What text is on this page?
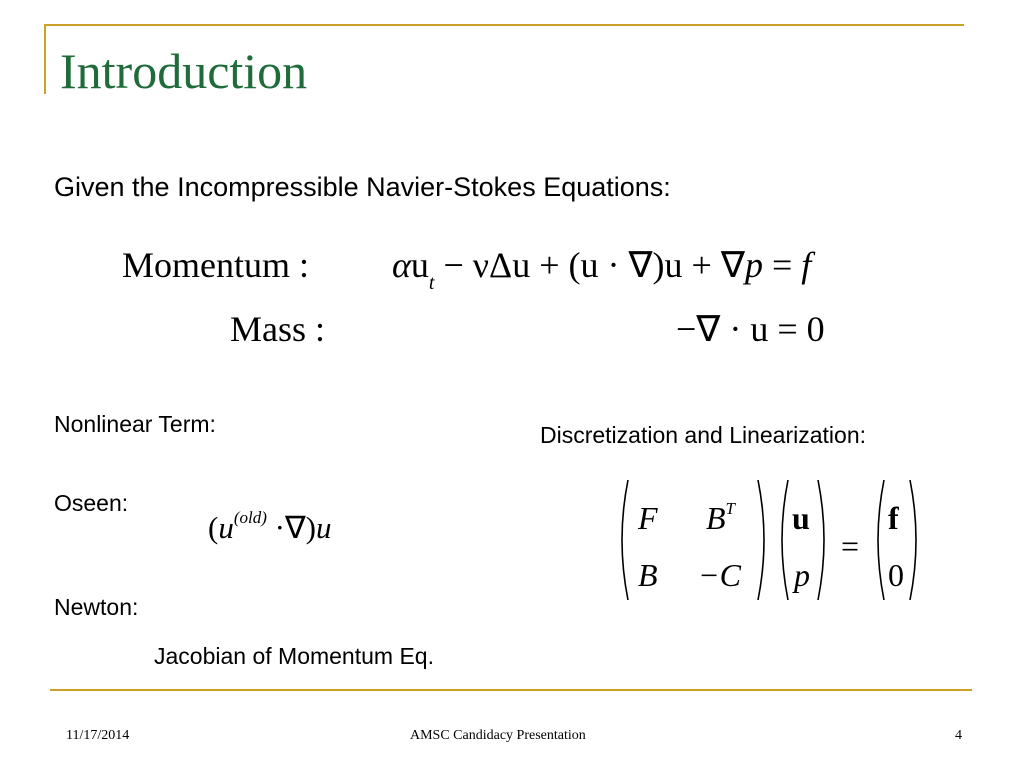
Introduction
Given the Incompressible Navier-Stokes Equations:
Momentum : $\alpha u_t - \nu\Delta u + (u \cdot \nabla)u + \nabla p = f$
Mass :	−∇ · u = 0
Nonlinear Term:	Discretization and Linearization:
Oseen:
$(u^{(old)} \cdot\nabla)u$
Newton:
Jacobian of Momentum Eq.
F $B^T$
B −C
u
p
=
f
0
11/17/2014	AMSC Candidacy Presentation	4
